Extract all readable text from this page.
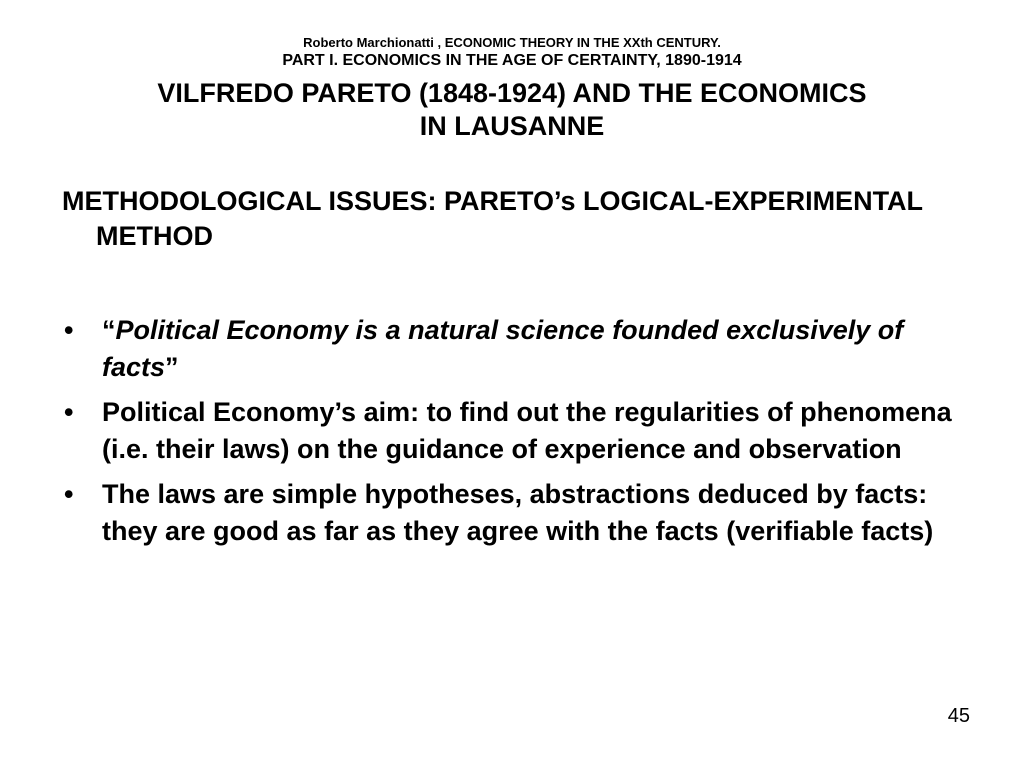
Roberto Marchionatti , ECONOMIC THEORY IN THE XXth CENTURY.

PART I. ECONOMICS IN THE AGE OF CERTAINTY, 1890-1914

VILFREDO PARETO (1848-1924) AND THE ECONOMICS
IN LAUSANNE
METHODOLOGICAL ISSUES: PARETO’s LOGICAL-EXPERIMENTAL METHOD
• “Political Economy is a natural science founded exclusively of facts”
• Political Economy’s aim: to find out the regularities of phenomena (i.e. their laws) on the guidance of experience and observation
• The laws are simple hypotheses, abstractions deduced by facts: they are good as far as they agree with the facts (verifiable facts)
45
